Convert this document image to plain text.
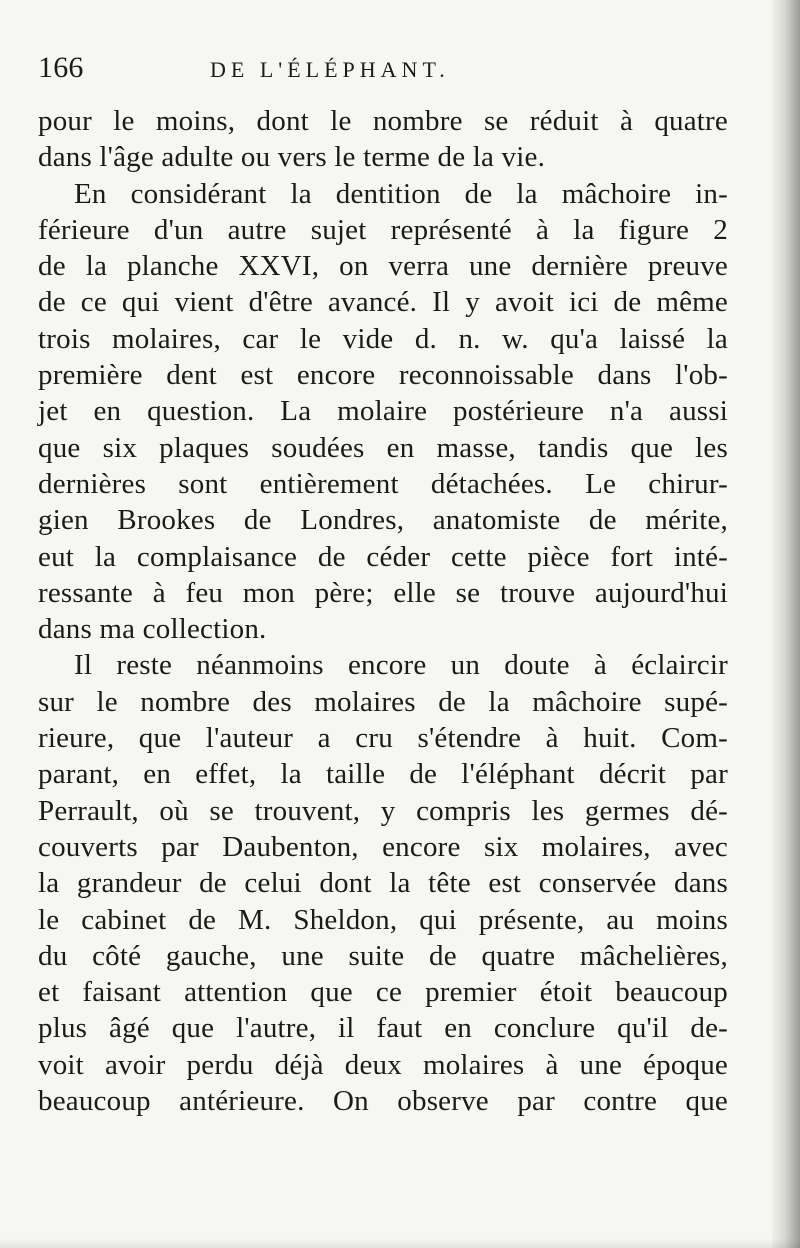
166	DE L'ÉLÉPHANT.
pour le moins, dont le nombre se réduit à quatre
dans l'âge adulte ou vers le terme de la vie.
En considérant la dentition de la mâchoire in-
férieure d'un autre sujet représenté à la figure 2
de la planche XXVI, on verra une dernière preuve
de ce qui vient d'être avancé. Il y avoit ici de même
trois molaires, car le vide d. n. w. qu'a laissé la
première dent est encore reconnoissable dans l'ob-
jet en question. La molaire postérieure n'a aussi
que six plaques soudées en masse, tandis que les
dernières sont entièrement détachées. Le chirur-
gien Brookes de Londres, anatomiste de mérite,
eut la complaisance de céder cette pièce fort inté-
ressante à feu mon père; elle se trouve aujourd'hui
dans ma collection.
Il reste néanmoins encore un doute à éclaircir
sur le nombre des molaires de la mâchoire supé-
rieure, que l'auteur a cru s'étendre à huit. Com-
parant, en effet, la taille de l'éléphant décrit par
Perrault, où se trouvent, y compris les germes dé-
couverts par Daubenton, encore six molaires, avec
la grandeur de celui dont la tête est conservée dans
le cabinet de M. Sheldon, qui présente, au moins
du côté gauche, une suite de quatre mâchelières,
et faisant attention que ce premier étoit beaucoup
plus âgé que l'autre, il faut en conclure qu'il de-
voit avoir perdu déjà deux molaires à une époque
beaucoup antérieure. On observe par contre que
